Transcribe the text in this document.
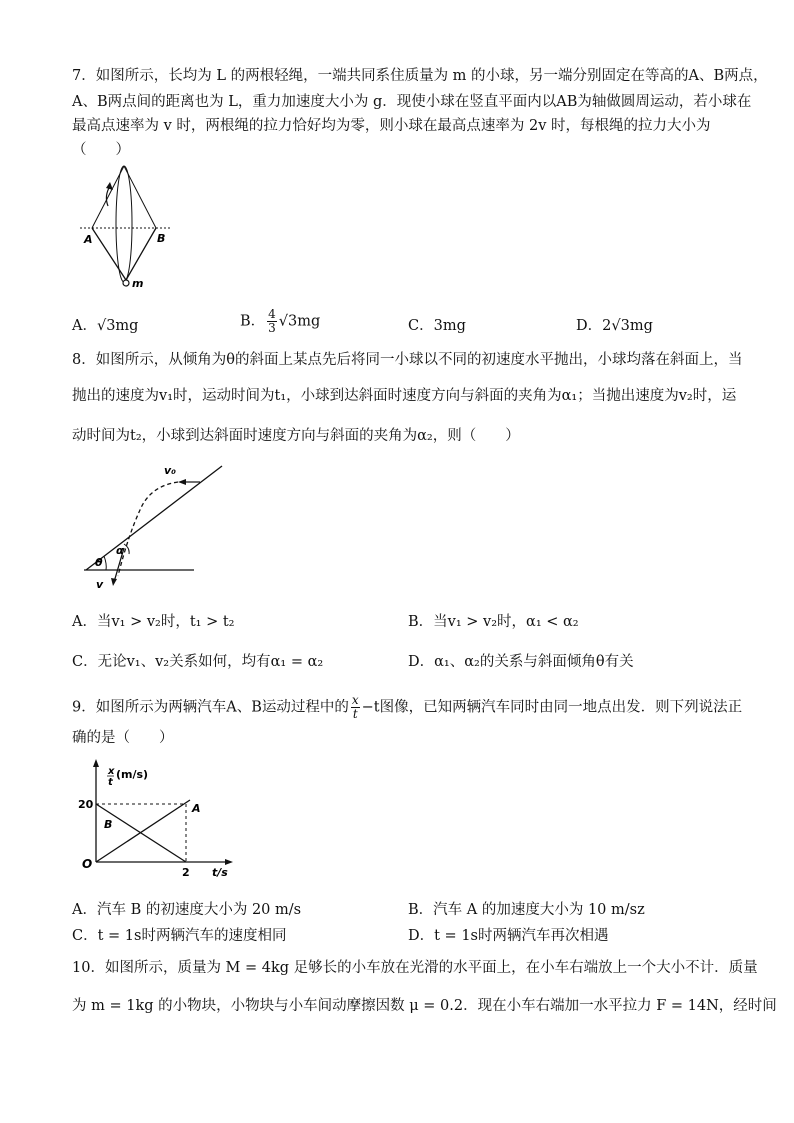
7．如图所示，长均为 L 的两根轻绳，一端共同系住质量为 m 的小球，另一端分别固定在等高的A、B两点，
A、B两点间的距离也为 L，重力加速度大小为 g．现使小球在竖直平面内以AB为轴做圆周运动，若小球在
最高点速率为 v 时，两根绳的拉力恰好均为零，则小球在最高点速率为 2v 时，每根绳的拉力大小为
（　　）
A	B
m
A．√3mg	B． $\frac{4}{3} √3mg$	C．3mg	D．2√3mg
8．如图所示，从倾角为θ的斜面上某点先后将同一小球以不同的初速度水平抛出，小球均落在斜面上，当
抛出的速度为v₁时，运动时间为t₁，小球到达斜面时速度方向与斜面的夹角为α₁；当抛出速度为v₂时，运
动时间为t₂，小球到达斜面时速度方向与斜面的夹角为α₂，则（　　）
v₀
α
θ
v
A．当v₁ > v₂时，t₁ > t₂	B．当v₁ > v₂时，α₁ < α₂
C．无论v₁、v₂关系如何，均有α₁ = α₂	D．α₁、α₂的关系与斜面倾角θ有关
9．如图所示为两辆汽车A、B运动过程中的 $\frac{x}{t} -t$图像，已知两辆汽车同时由同一地点出发．则下列说法正
确的是（　　）
x
t
(m/s)
20
O
2 t/s
A
B
A．汽车 B 的初速度大小为 20 m/s	B．汽车 A 的加速度大小为 10 m/sz
C．t = 1s时两辆汽车的速度相同	D．t = 1s时两辆汽车再次相遇
10．如图所示，质量为 M = 4kg 足够长的小车放在光滑的水平面上，在小车右端放上一个大小不计．质量
为 m = 1kg 的小物块，小物块与小车间动摩擦因数 μ = 0.2．现在小车右端加一水平拉力 F = 14N，经时间
